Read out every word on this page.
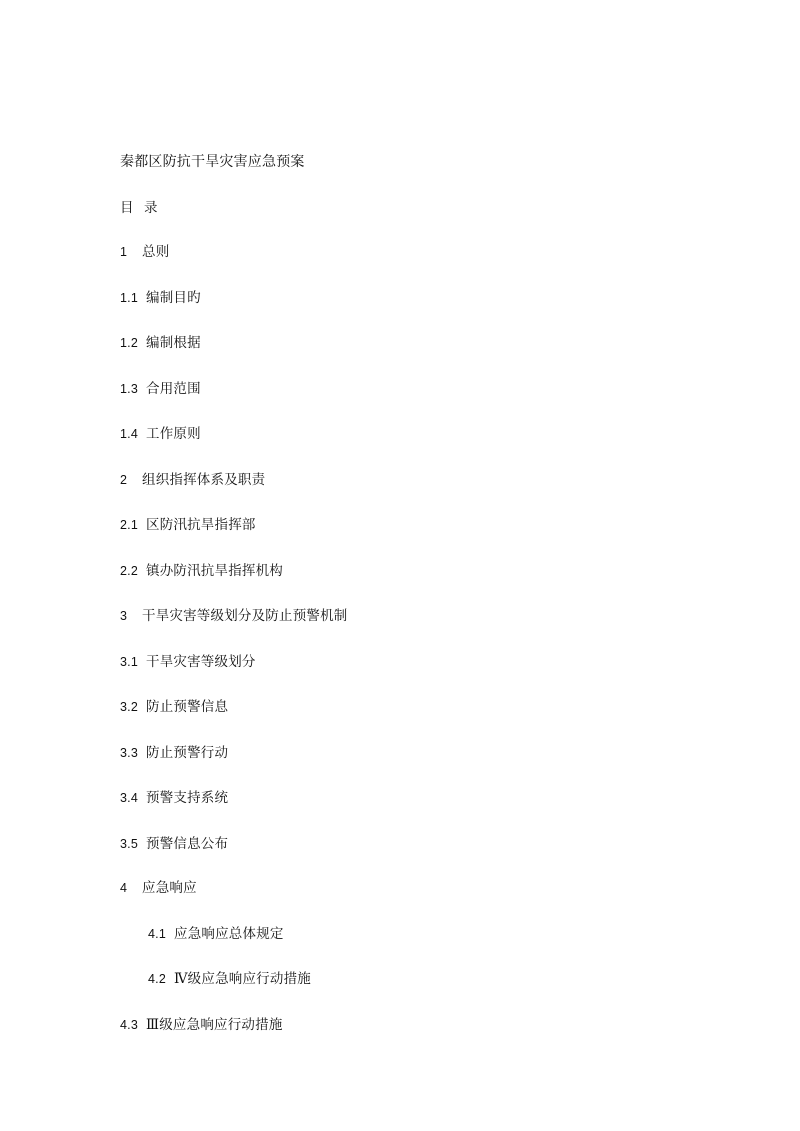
秦都区防抗干旱灾害应急预案
目 录
1 总则
1.1 编制目旳
1.2 编制根据
1.3 合用范围
1.4 工作原则
2 组织指挥体系及职责
2.1 区防汛抗旱指挥部
2.2 镇办防汛抗旱指挥机构
3 干旱灾害等级划分及防止预警机制
3.1 干旱灾害等级划分
3.2 防止预警信息
3.3 防止预警行动
3.4 预警支持系统
3.5 预警信息公布
4 应急响应
4.1 应急响应总体规定
4.2 Ⅳ级应急响应行动措施
4.3 Ⅲ级应急响应行动措施
